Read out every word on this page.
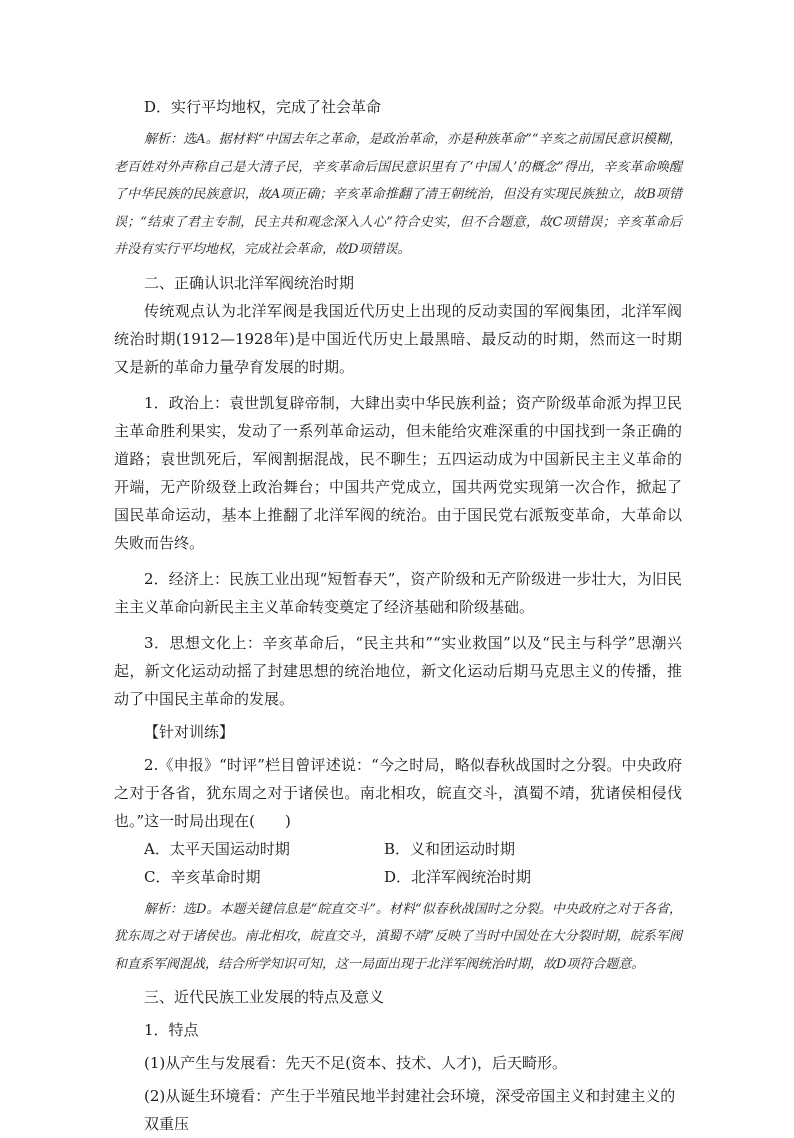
D．实行平均地权，完成了社会革命

解析：选A。据材料“中国去年之革命，是政治革命，亦是种族革命”“辛亥之前国民意识模糊，老百姓对外声称自己是大清子民，辛亥革命后国民意识里有了‘中国人’的概念”得出，辛亥革命唤醒了中华民族的民族意识，故A项正确；辛亥革命推翻了清王朝统治，但没有实现民族独立，故B项错误；“结束了君主专制，民主共和观念深入人心”符合史实，但不合题意，故C项错误；辛亥革命后并没有实行平均地权，完成社会革命，故D项错误。

二、正确认识北洋军阀统治时期

传统观点认为北洋军阀是我国近代历史上出现的反动卖国的军阀集团，北洋军阀统治时期(1912—1928年)是中国近代历史上最黑暗、最反动的时期，然而这一时期又是新的革命力量孕育发展的时期。

1．政治上：袁世凯复辟帝制，大肆出卖中华民族利益；资产阶级革命派为捍卫民主革命胜利果实，发动了一系列革命运动，但未能给灾难深重的中国找到一条正确的道路；袁世凯死后，军阀割据混战，民不聊生；五四运动成为中国新民主主义革命的开端，无产阶级登上政治舞台；中国共产党成立，国共两党实现第一次合作，掀起了国民革命运动，基本上推翻了北洋军阀的统治。由于国民党右派叛变革命，大革命以失败而告终。

2．经济上：民族工业出现“短暂春天”，资产阶级和无产阶级进一步壮大，为旧民主主义革命向新民主主义革命转变奠定了经济基础和阶级基础。

3．思想文化上：辛亥革命后，“民主共和”“实业救国”以及“民主与科学”思潮兴起，新文化运动动摇了封建思想的统治地位，新文化运动后期马克思主义的传播，推动了中国民主革命的发展。

【针对训练】

2.《申报》“时评”栏目曾评述说：“今之时局，略似春秋战国时之分裂。中央政府之对于各省，犹东周之对于诸侯也。南北相攻，皖直交斗，滇蜀不靖，犹诸侯相侵伐也。”这一时局出现在(　　)

A．太平天国运动时期	B．义和团运动时期
C．辛亥革命时期	D．北洋军阀统治时期

解析：选D。本题关键信息是“皖直交斗”。材料“似春秋战国时之分裂。中央政府之对于各省，犹东周之对于诸侯也。南北相攻，皖直交斗，滇蜀不靖”反映了当时中国处在大分裂时期，皖系军阀和直系军阀混战，结合所学知识可知，这一局面出现于北洋军阀统治时期，故D项符合题意。

三、近代民族工业发展的特点及意义

1．特点

(1)从产生与发展看：先天不足(资本、技术、人才)，后天畸形。

(2)从诞生环境看：产生于半殖民地半封建社会环境，深受帝国主义和封建主义的双重压
